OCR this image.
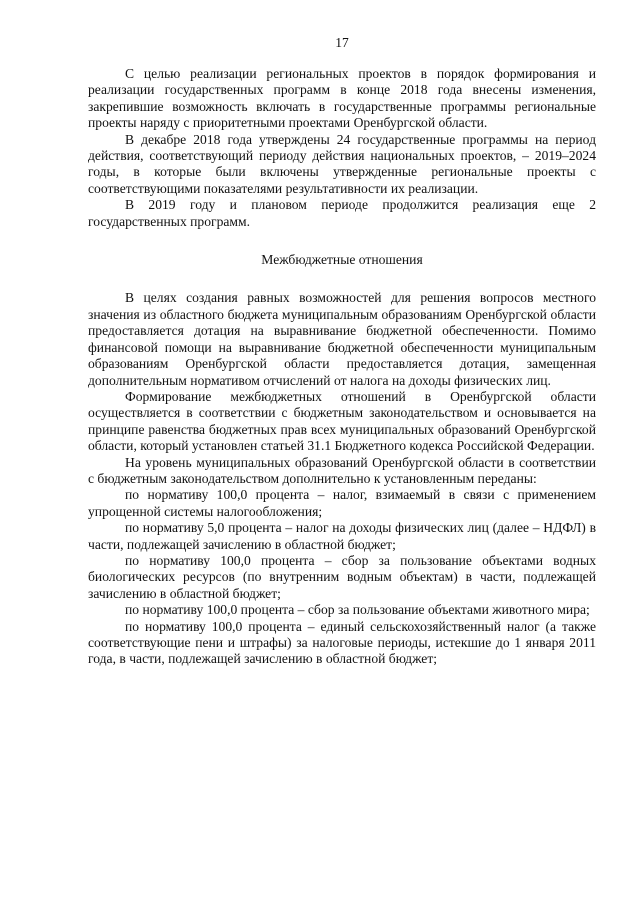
17

С целью реализации региональных проектов в порядок формирования и реализации государственных программ в конце 2018 года внесены изменения, закрепившие возможность включать в государственные программы региональные проекты наряду с приоритетными проектами Оренбургской области.

В декабре 2018 года утверждены 24 государственные программы на период действия, соответствующий периоду действия национальных проектов, – 2019–2024 годы, в которые были включены утвержденные региональные проекты с соответствующими показателями результативности их реализации.

В 2019 году и плановом периоде продолжится реализация еще 2 государственных программ.

Межбюджетные отношения

В целях создания равных возможностей для решения вопросов местного значения из областного бюджета муниципальным образованиям Оренбургской области предоставляется дотация на выравнивание бюджетной обеспеченности. Помимо финансовой помощи на выравнивание бюджетной обеспеченности муниципальным образованиям Оренбургской области предоставляется дотация, замещенная дополнительным нормативом отчислений от налога на доходы физических лиц.

Формирование межбюджетных отношений в Оренбургской области осуществляется в соответствии с бюджетным законодательством и основывается на принципе равенства бюджетных прав всех муниципальных образований Оренбургской области, который установлен статьей 31.1 Бюджетного кодекса Российской Федерации.

На уровень муниципальных образований Оренбургской области в соответствии с бюджетным законодательством дополнительно к установленным переданы:

по нормативу 100,0 процента – налог, взимаемый в связи с применением упрощенной системы налогообложения;

по нормативу 5,0 процента – налог на доходы физических лиц (далее – НДФЛ) в части, подлежащей зачислению в областной бюджет;

по нормативу 100,0 процента – сбор за пользование объектами водных биологических ресурсов (по внутренним водным объектам) в части, подлежащей зачислению в областной бюджет;

по нормативу 100,0 процента – сбор за пользование объектами животного мира;

по нормативу 100,0 процента – единый сельскохозяйственный налог (а также соответствующие пени и штрафы) за налоговые периоды, истекшие до 1 января 2011 года, в части, подлежащей зачислению в областной бюджет;
